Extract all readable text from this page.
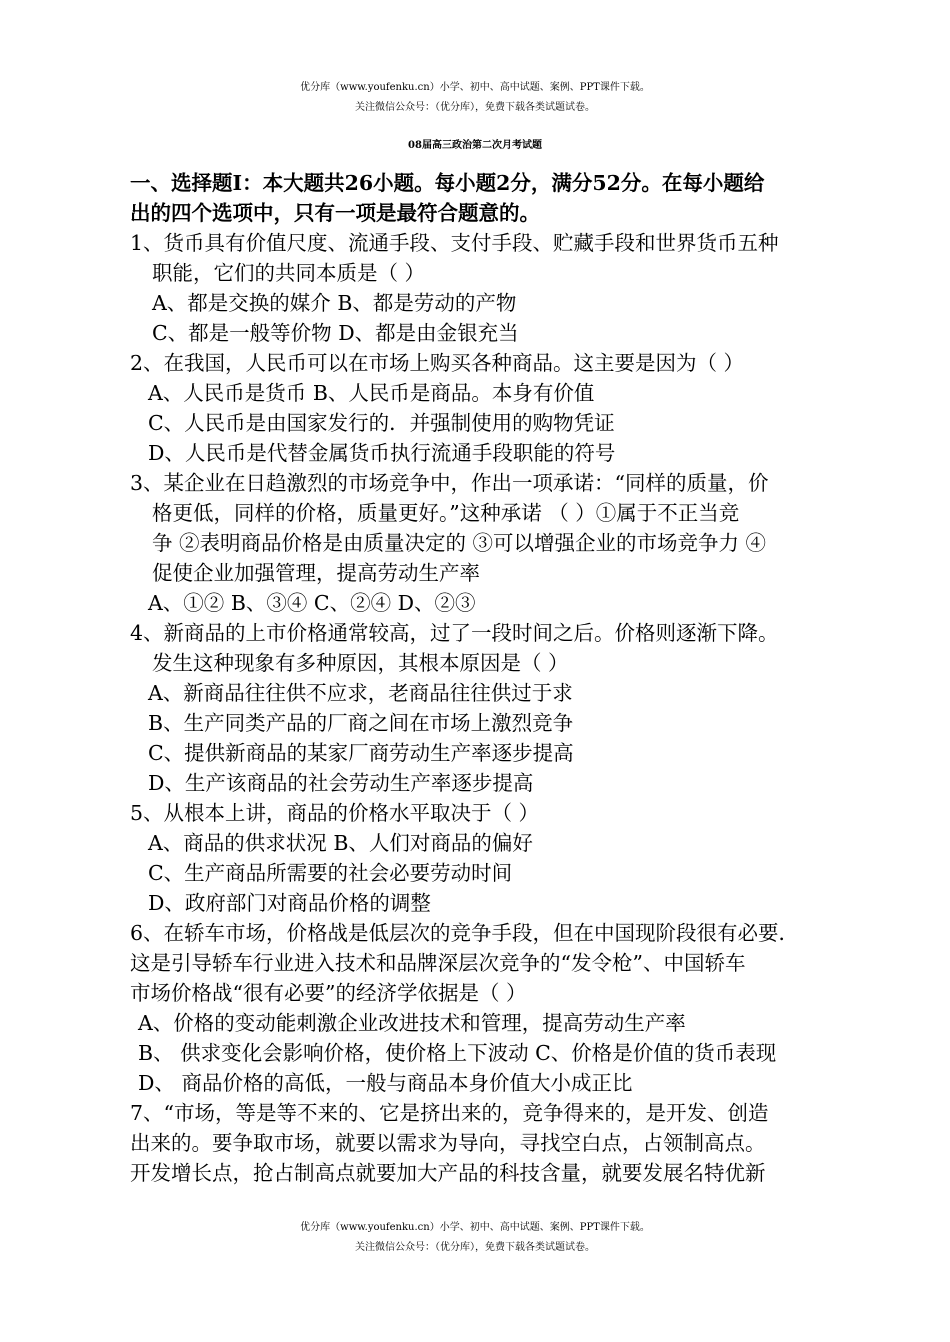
优分库（www.youfenku.cn）小学、初中、高中试题、案例、PPT课件下载。
关注微信公众号：（优分库），免费下载各类试题试卷。
08届高三政治第二次月考试题
一、选择题I：本大题共26小题。每小题2分，满分52分。在每小题给
出的四个选项中，只有一项是最符合题意的。
1、货币具有价值尺度、流通手段、支付手段、贮藏手段和世界货币五种
职能，它们的共同本质是（ ）
A、都是交换的媒介 B、都是劳动的产物
C、都是一般等价物 D、都是由金银充当
2、在我国，人民币可以在市场上购买各种商品。这主要是因为（ ）
A、人民币是货币 B、人民币是商品。本身有价值
C、人民币是由国家发行的．并强制使用的购物凭证
D、人民币是代替金属货币执行流通手段职能的符号
3、某企业在日趋激烈的市场竞争中，作出一项承诺：“同样的质量，价
格更低，同样的价格，质量更好。”这种承诺 （ ）①属于不正当竞
争 ②表明商品价格是由质量决定的 ③可以增强企业的市场竞争力 ④
促使企业加强管理，提高劳动生产率
A、①② B、③④ C、②④ D、②③
4、新商品的上市价格通常较高，过了一段时间之后。价格则逐渐下降。
发生这种现象有多种原因，其根本原因是（ ）
A、新商品往往供不应求，老商品往往供过于求
B、生产同类产品的厂商之间在市场上激烈竞争
C、提供新商品的某家厂商劳动生产率逐步提高
D、生产该商品的社会劳动生产率逐步提高
5、从根本上讲，商品的价格水平取决于（ ）
A、商品的供求状况 B、人们对商品的偏好
C、生产商品所需要的社会必要劳动时间
D、政府部门对商品价格的调整
6、在轿车市场，价格战是低层次的竞争手段，但在中国现阶段很有必要．
这是引导轿车行业进入技术和品牌深层次竞争的“发令枪”、中国轿车
市场价格战“很有必要”的经济学依据是（ ）
A、价格的变动能刺激企业改进技术和管理，提高劳动生产率
B、 供求变化会影响价格，使价格上下波动 C、价格是价值的货币表现
D、 商品价格的高低，一般与商品本身价值大小成正比
7、“市场，等是等不来的、它是挤出来的，竞争得来的，是开发、创造
出来的。要争取市场，就要以需求为导向，寻找空白点，占领制高点。
开发增长点，抢占制高点就要加大产品的科技含量，就要发展名特优新
优分库（www.youfenku.cn）小学、初中、高中试题、案例、PPT课件下载。
关注微信公众号：（优分库），免费下载各类试题试卷。
